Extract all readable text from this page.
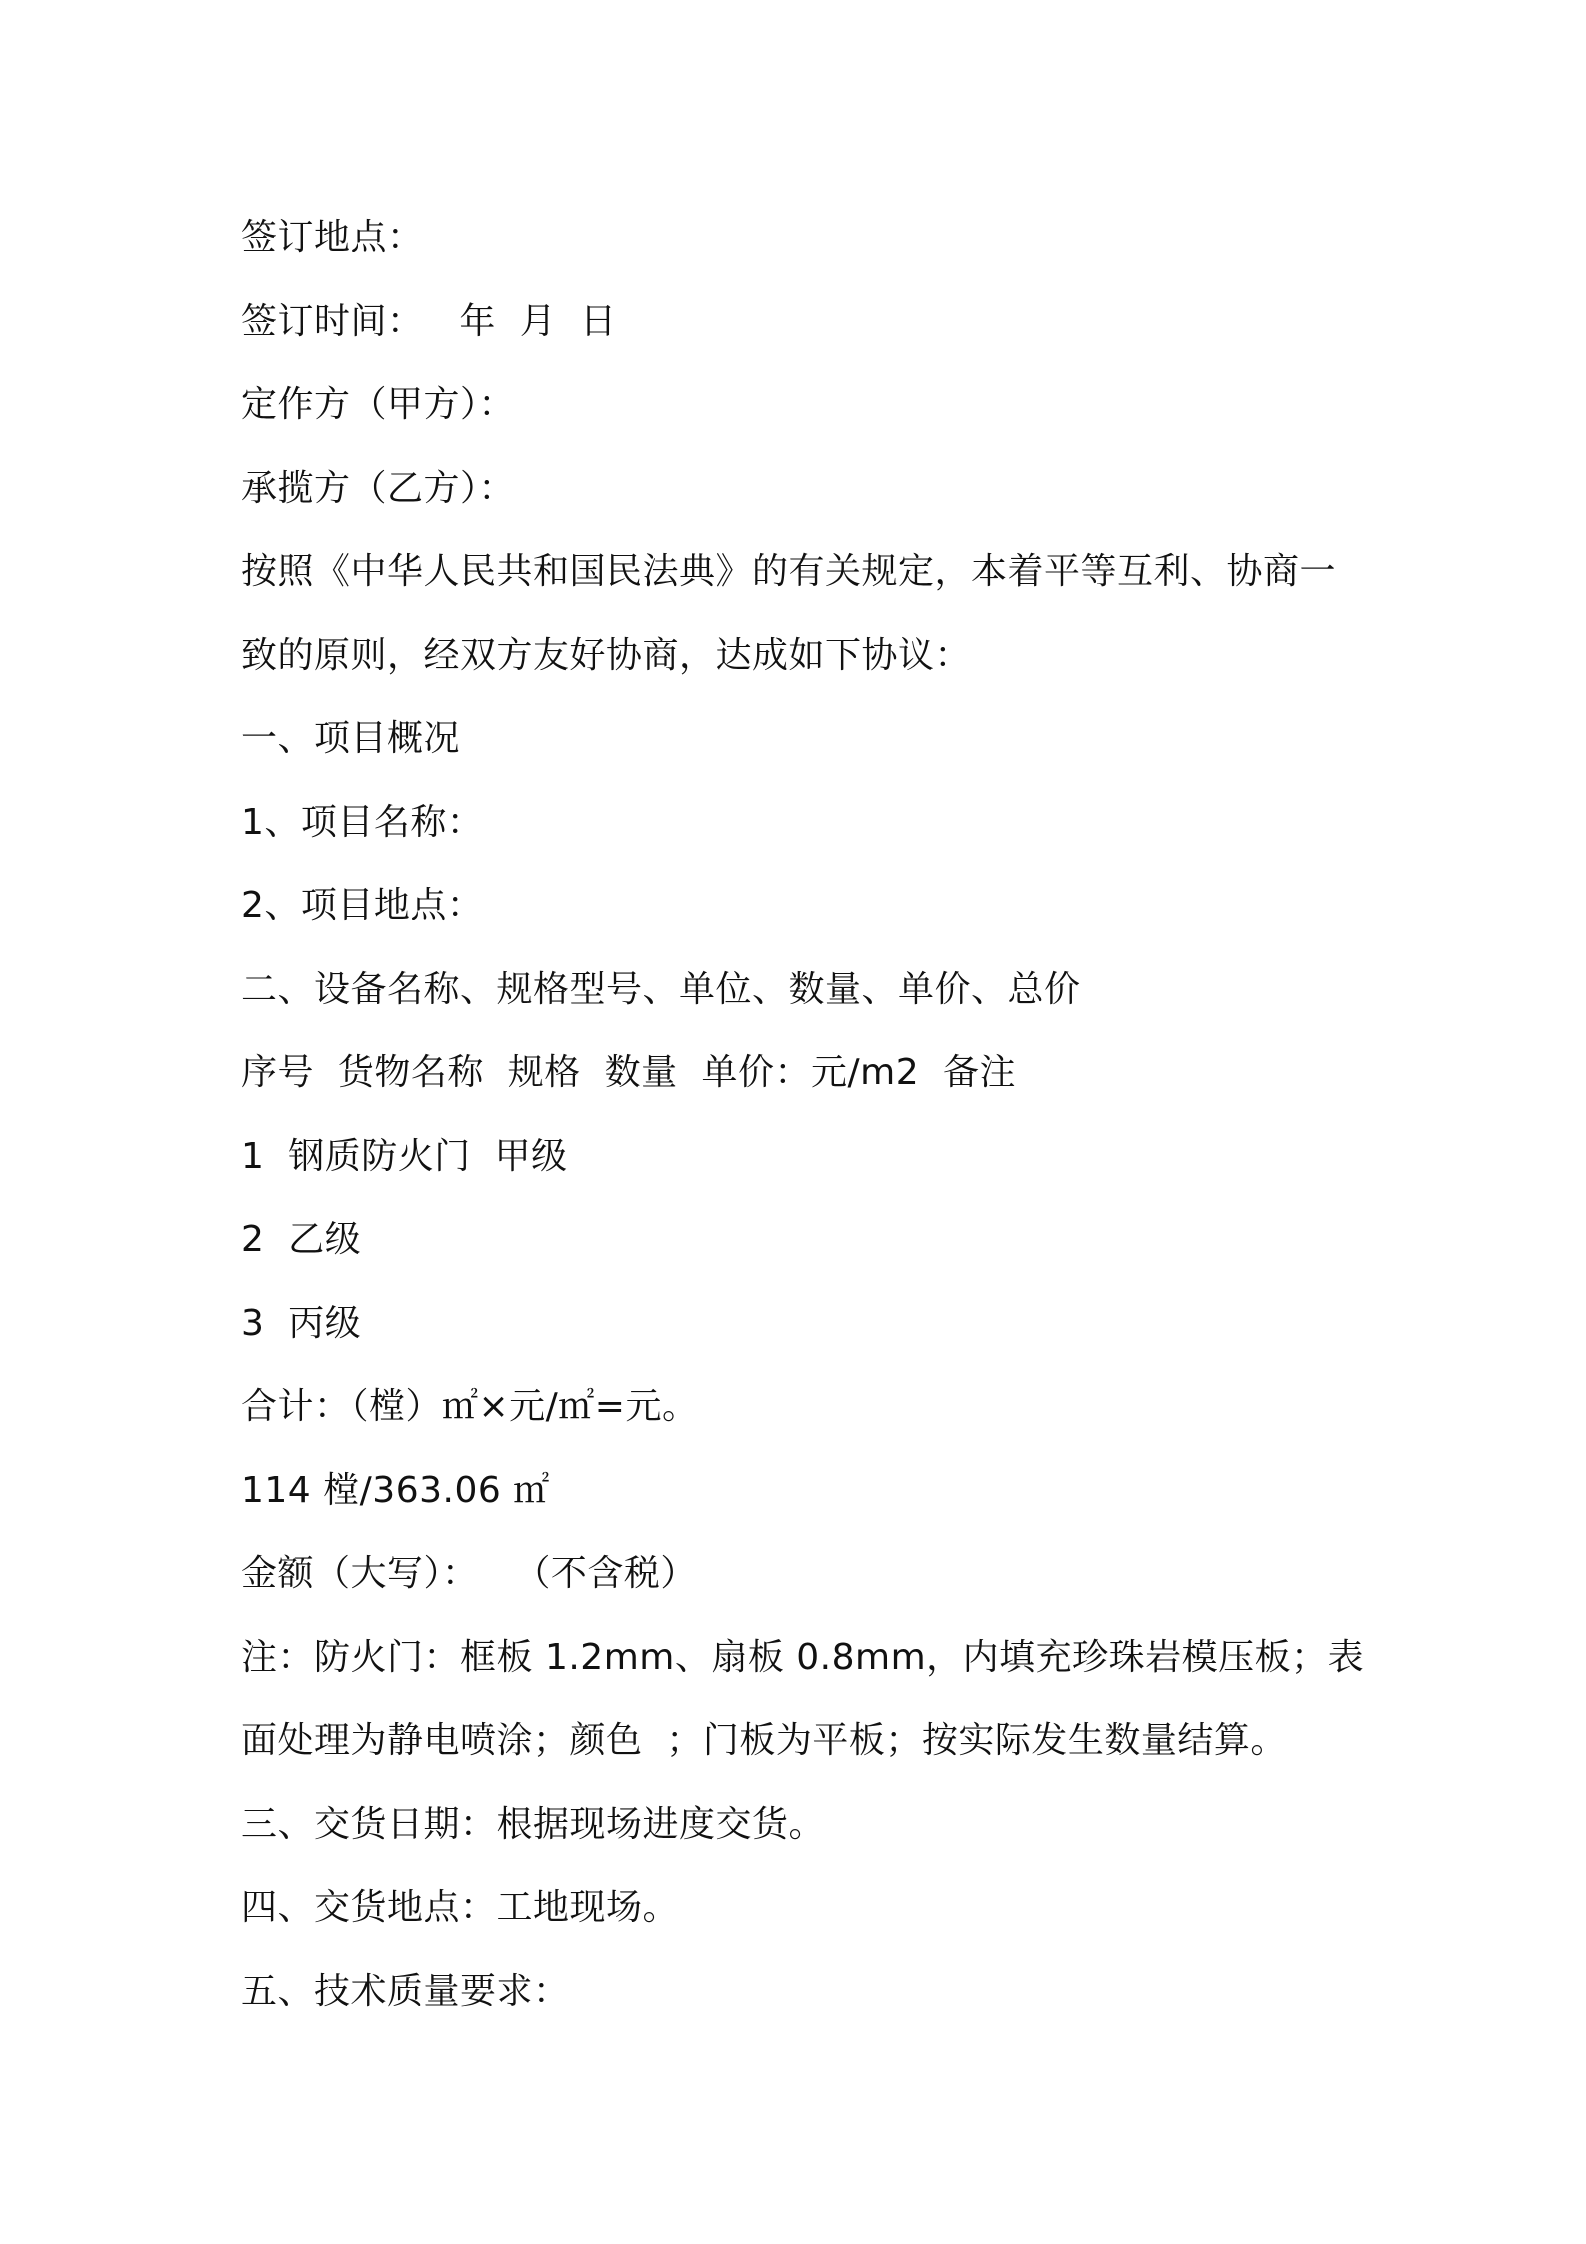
签订地点：

签订时间：   年  月  日

定作方（甲方）：

承揽方（乙方）：

按照《中华人民共和国民法典》的有关规定，本着平等互利、协商一

致的原则，经双方友好协商，达成如下协议：

一、项目概况

1、项目名称：

2、项目地点：

二、设备名称、规格型号、单位、数量、单价、总价

序号  货物名称  规格  数量  单价：元/m2  备注

1  钢质防火门  甲级

2  乙级

3  丙级

合计：（樘）㎡×元/㎡=元。

114 樘/363.06 ㎡

金额（大写）：   （不含税）

注：防火门：框板 1.2mm、扇板 0.8mm，内填充珍珠岩模压板；表

面处理为静电喷涂；颜色  ；门板为平板；按实际发生数量结算。

三、交货日期：根据现场进度交货。

四、交货地点：工地现场。

五、技术质量要求：
